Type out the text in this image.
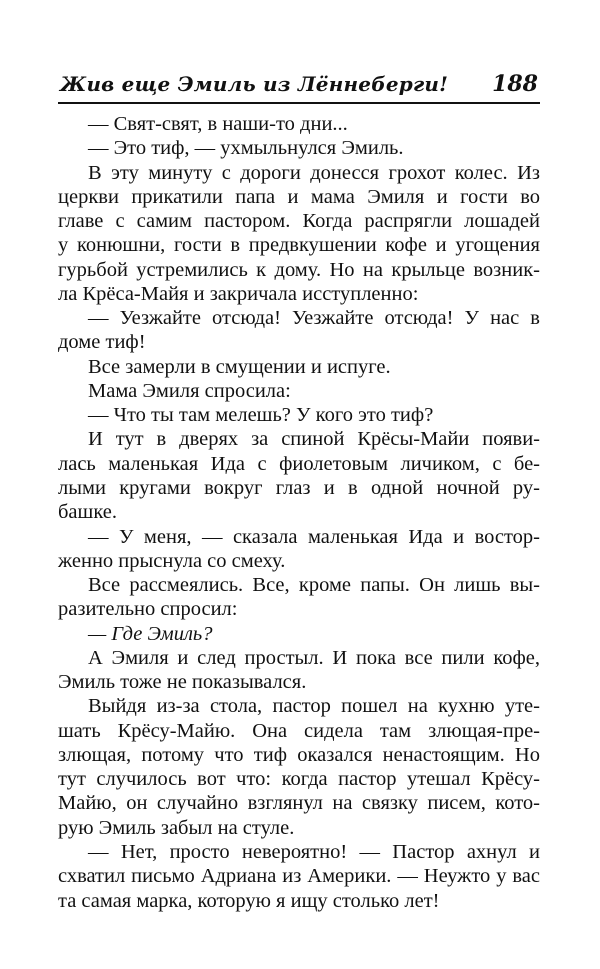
Жив еще Эмиль из Лённеберги! 188
— Свят-свят, в наши-то дни...
— Это тиф, — ухмыльнулся Эмиль.
В эту минуту с дороги донесся грохот колес. Из
церкви прикатили папа и мама Эмиля и гости во
главе с самим пастором. Когда распрягли лошадей
у конюшни, гости в предвкушении кофе и угощения
гурьбой устремились к дому. Но на крыльце возник-
ла Крёса-Майя и закричала исступленно:
— Уезжайте отсюда! Уезжайте отсюда! У нас в
доме тиф!
Все замерли в смущении и испуге.
Мама Эмиля спросила:
— Что ты там мелешь? У кого это тиф?
И тут в дверях за спиной Крёсы-Майи появи-
лась маленькая Ида с фиолетовым личиком, с бе-
лыми кругами вокруг глаз и в одной ночной ру-
башке.
— У меня, — сказала маленькая Ида и востор-
женно прыснула со смеху.
Все рассмеялись. Все, кроме папы. Он лишь вы-
разительно спросил:
— Где Эмиль?
А Эмиля и след простыл. И пока все пили кофе,
Эмиль тоже не показывался.
Выйдя из-за стола, пастор пошел на кухню уте-
шать Крёсу-Майю. Она сидела там злющая-пре-
злющая, потому что тиф оказался ненастоящим. Но
тут случилось вот что: когда пастор утешал Крёсу-
Майю, он случайно взглянул на связку писем, кото-
рую Эмиль забыл на стуле.
— Нет, просто невероятно! — Пастор ахнул и
схватил письмо Адриана из Америки. — Неужто у вас
та самая марка, которую я ищу столько лет!
